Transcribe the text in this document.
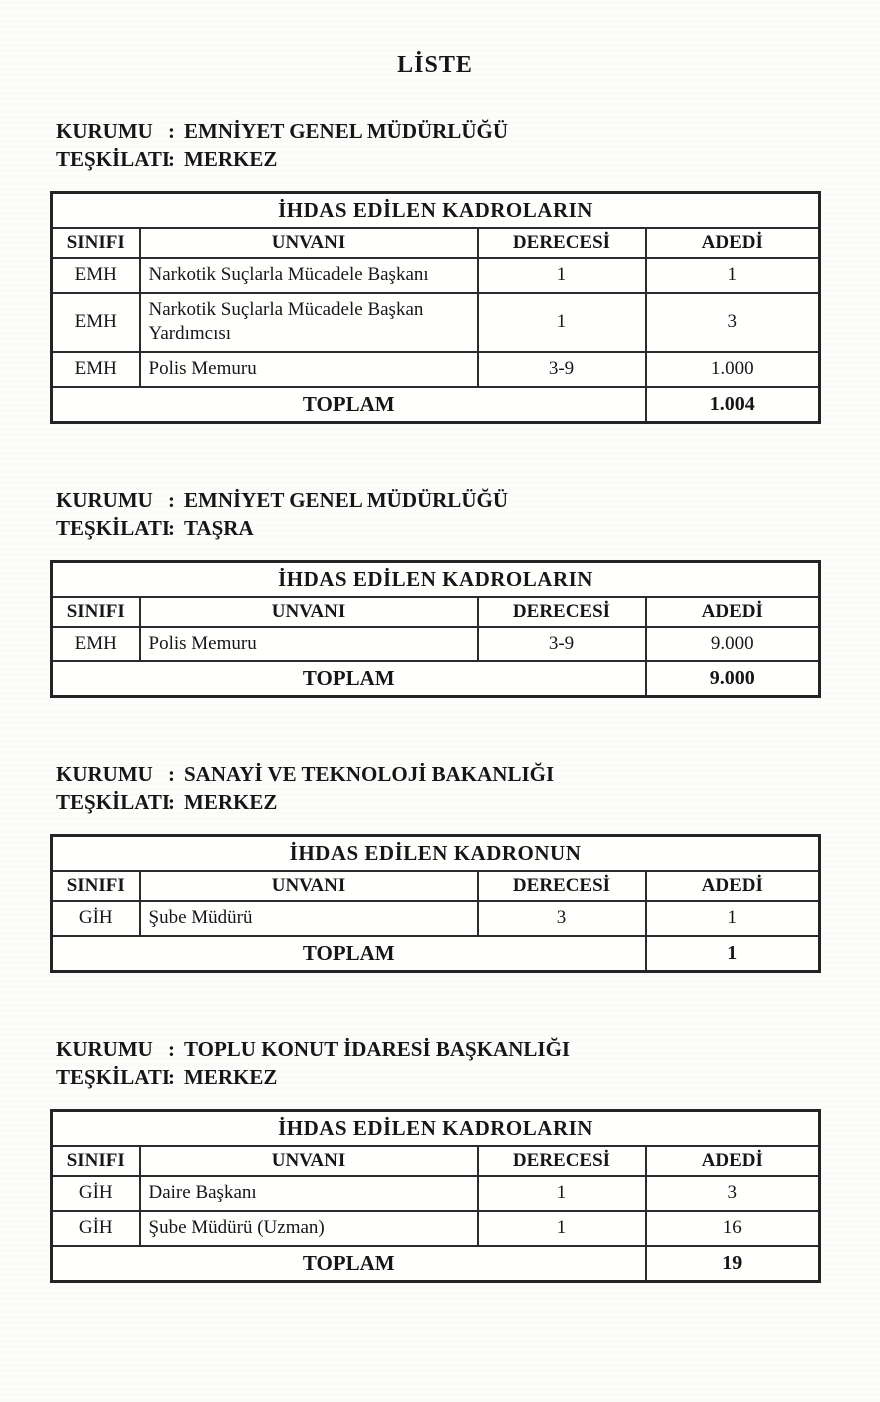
LİSTE
KURUMU : EMNİYET GENEL MÜDÜRLÜĞÜ
TEŞKİLATI: MERKEZ
İHDAS EDİLEN KADROLARIN			
SINIFI	UNVANI	DERECESİ	ADEDİ
EMH	Narkotik Suçlarla Mücadele Başkanı	1	1
EMH	Narkotik Suçlarla Mücadele Başkan Yardımcısı	1	3
EMH	Polis Memuru	3-9	1.000
TOPLAM			1.004
KURUMU : EMNİYET GENEL MÜDÜRLÜĞÜ
TEŞKİLATI: TAŞRA
İHDAS EDİLEN KADROLARIN			
SINIFI	UNVANI	DERECESİ	ADEDİ
EMH	Polis Memuru	3-9	9.000
TOPLAM			9.000
KURUMU : SANAYİ VE TEKNOLOJİ BAKANLIĞI
TEŞKİLATI: MERKEZ
İHDAS EDİLEN KADRONUN			
SINIFI	UNVANI	DERECESİ	ADEDİ
GİH	Şube Müdürü	3	1
TOPLAM			1
KURUMU : TOPLU KONUT İDARESİ BAŞKANLIĞI
TEŞKİLATI: MERKEZ
İHDAS EDİLEN KADROLARIN			
SINIFI	UNVANI	DERECESİ	ADEDİ
GİH	Daire Başkanı	1	3
GİH	Şube Müdürü (Uzman)	1	16
TOPLAM			19
